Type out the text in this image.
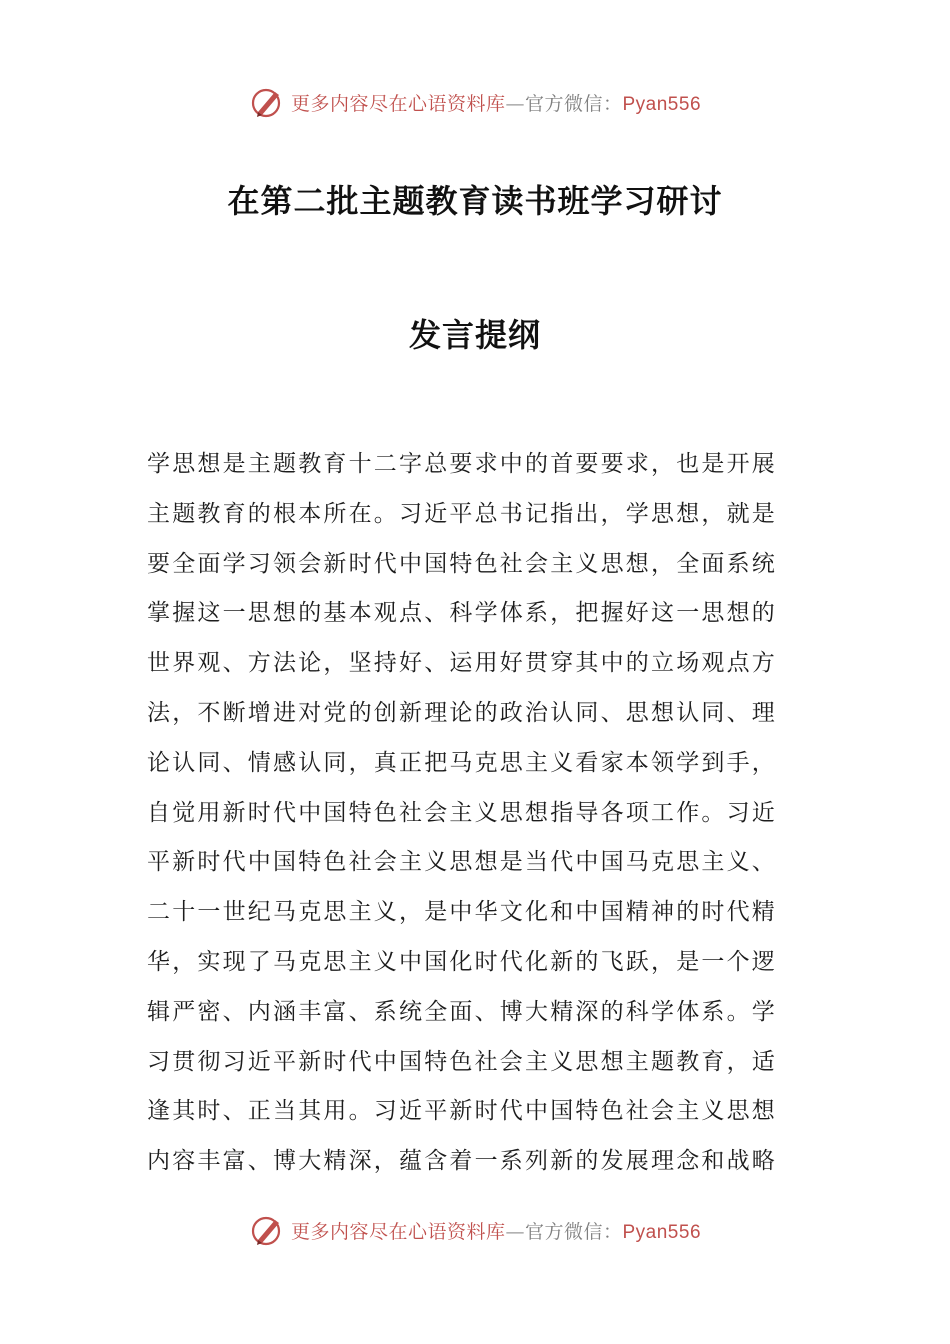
更多内容尽在心语资料库—官方微信：Pyan556
在第二批主题教育读书班学习研讨
发言提纲
学思想是主题教育十二字总要求中的首要要求，也是开展
主题教育的根本所在。习近平总书记指出，学思想，就是
要全面学习领会新时代中国特色社会主义思想，全面系统
掌握这一思想的基本观点、科学体系，把握好这一思想的
世界观、方法论，坚持好、运用好贯穿其中的立场观点方
法，不断增进对党的创新理论的政治认同、思想认同、理
论认同、情感认同，真正把马克思主义看家本领学到手，
自觉用新时代中国特色社会主义思想指导各项工作。习近
平新时代中国特色社会主义思想是当代中国马克思主义、
二十一世纪马克思主义，是中华文化和中国精神的时代精
华，实现了马克思主义中国化时代化新的飞跃，是一个逻
辑严密、内涵丰富、系统全面、博大精深的科学体系。学
习贯彻习近平新时代中国特色社会主义思想主题教育，适
逢其时、正当其用。习近平新时代中国特色社会主义思想
内容丰富、博大精深，蕴含着一系列新的发展理念和战略
更多内容尽在心语资料库—官方微信：Pyan556
